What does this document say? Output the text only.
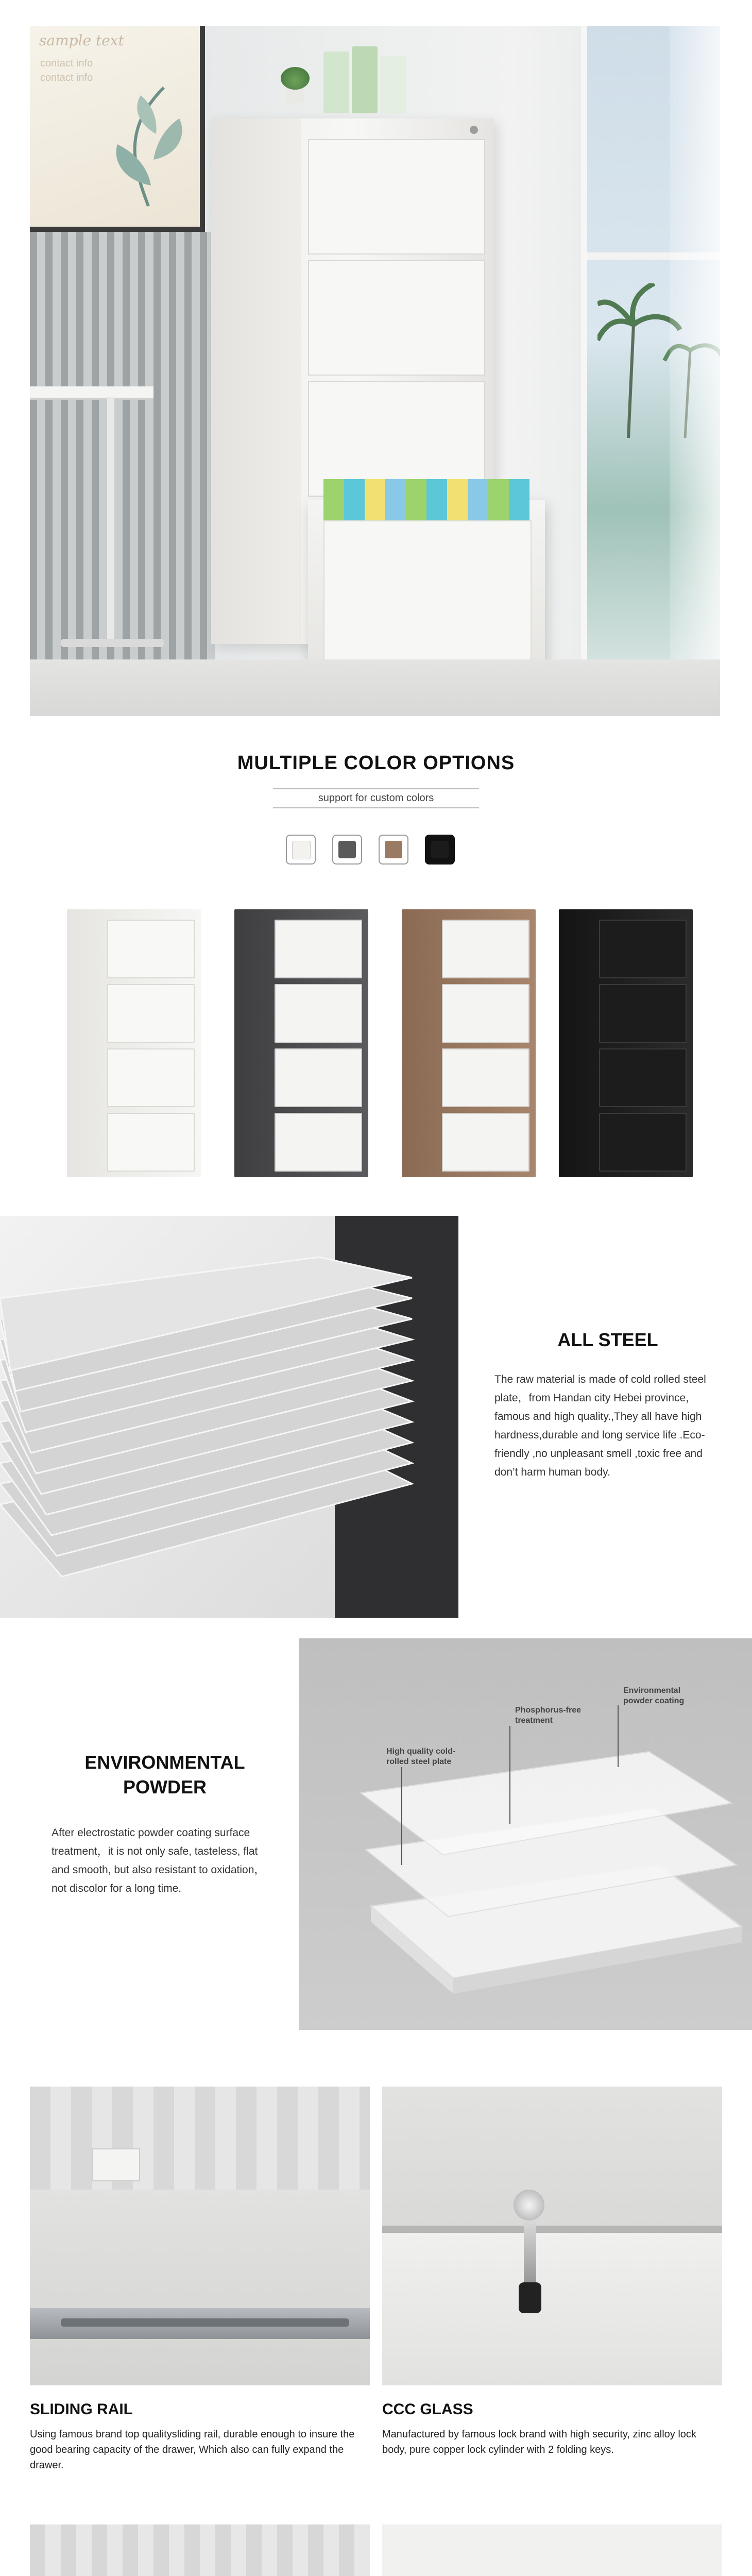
sample text
contact info
contact info
MULTIPLE COLOR OPTIONS
support for custom colors
ALL STEEL
The raw material is made of cold rolled steel plate，from Handan city Hebei province，famous and high quality.,They all have high hardness,durable and long service life .Eco-friendly ,no unpleasant smell ,toxic free and don’t harm human body.
ENVIRONMENTAL
POWDER
After electrostatic powder coating surface treatment，it is not only safe, tasteless, flat and smooth, but also resistant to oxidation，not discolor for a long time.
Environmental
powder coating
Phosphorus-free
treatment
High quality cold-
rolled steel plate
SLIDING RAIL
Using famous brand top qualitysliding rail, durable enough to insure the good bearing capacity of the drawer, Which also can fully expand the drawer.
CCC GLASS
Manufactured by famous lock brand with high security, zinc alloy lock body, pure copper lock cylinder with 2 folding keys.
